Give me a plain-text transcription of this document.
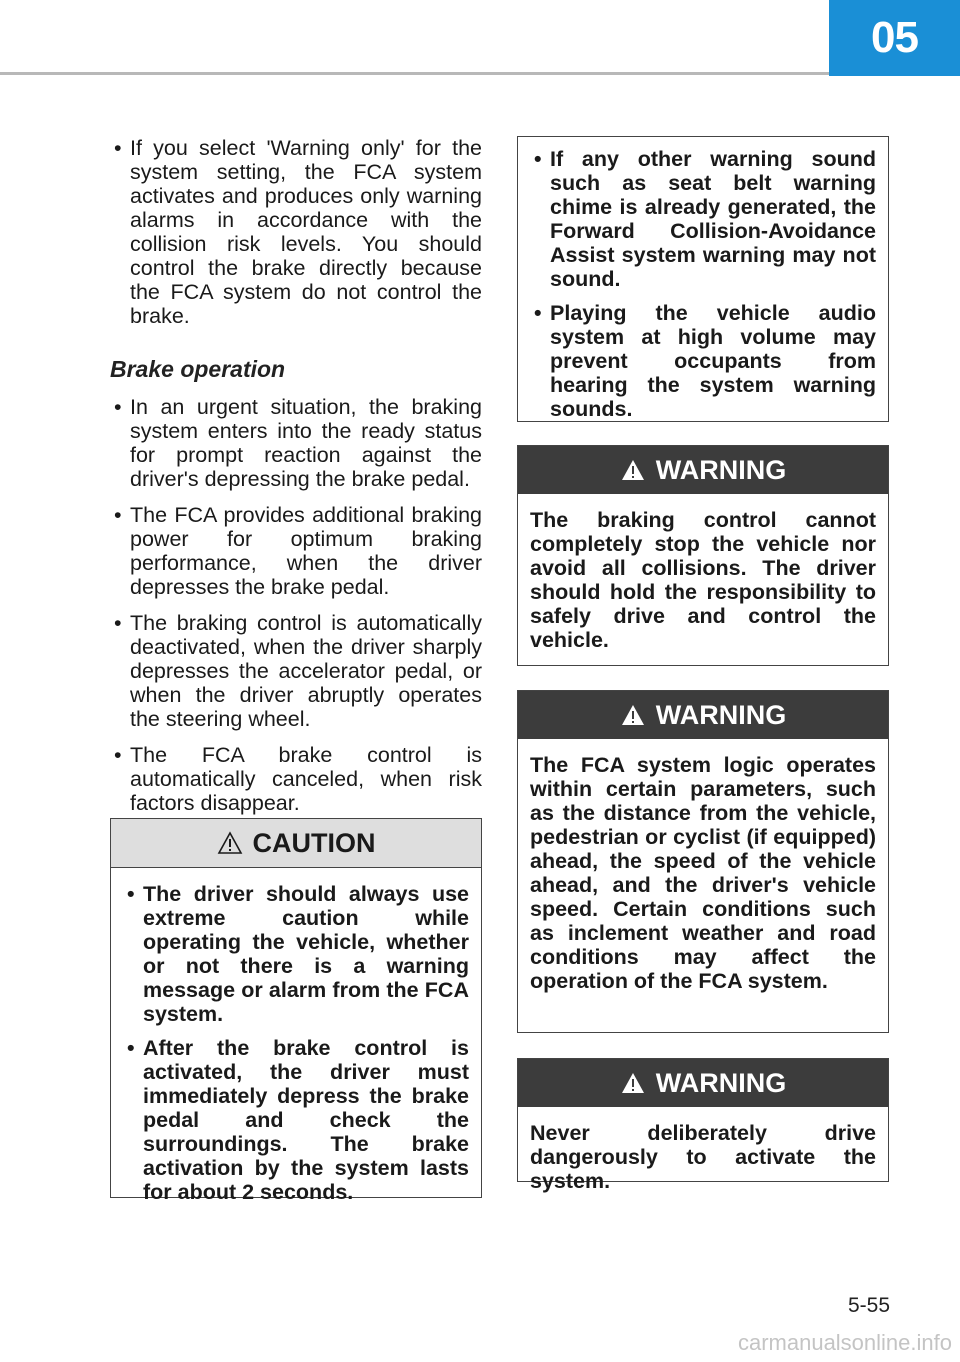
05
• If you select 'Warning only' for the system setting, the FCA system activates and produces only warning alarms in accordance with the collision risk levels. You should control the brake directly because the FCA system do not control the brake.
Brake operation
• In an urgent situation, the braking system enters into the ready status for prompt reaction against the driver's depressing the brake pedal.
• The FCA provides additional braking power for optimum braking performance, when the driver depresses the brake pedal.
• The braking control is automatically deactivated, when the driver sharply depresses the accelerator pedal, or when the driver abruptly operates the steering wheel.
• The FCA brake control is automatically canceled, when risk factors disappear.
CAUTION
• The driver should always use extreme caution while operating the vehicle, whether or not there is a warning message or alarm from the FCA system.
• After the brake control is activated, the driver must immediately depress the brake pedal and check the surroundings. The brake activation by the system lasts for about 2 seconds.
• If any other warning sound such as seat belt warning chime is already generated, the Forward Collision-Avoidance Assist system warning may not sound.
• Playing the vehicle audio system at high volume may prevent occupants from hearing the system warning sounds.
WARNING
The braking control cannot completely stop the vehicle nor avoid all collisions. The driver should hold the responsibility to safely drive and control the vehicle.
WARNING
The FCA system logic operates within certain parameters, such as the distance from the vehicle, pedestrian or cyclist (if equipped) ahead, the speed of the vehicle ahead, and the driver's vehicle speed. Certain conditions such as inclement weather and road conditions may affect the operation of the FCA system.
WARNING
Never deliberately drive dangerously to activate the system.
5-55
carmanualsonline.info
